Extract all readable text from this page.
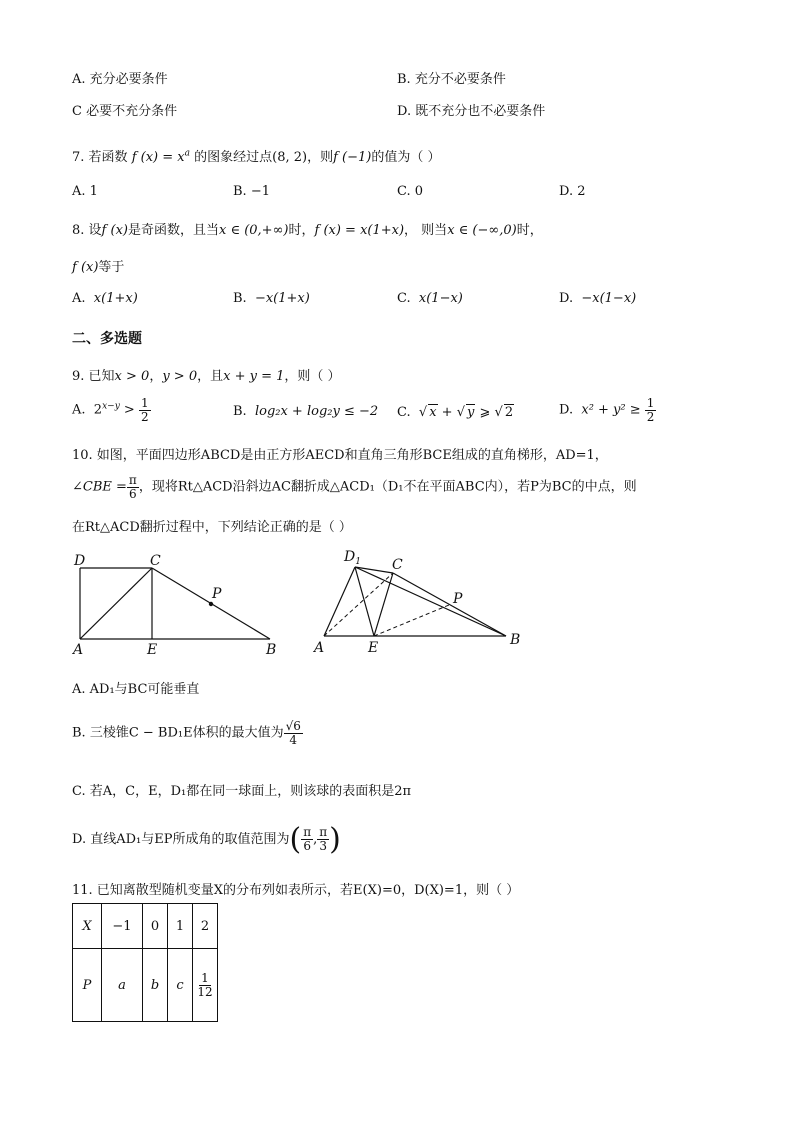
A. 充分必要条件	B. 充分不必要条件
C 必要不充分条件	D. 既不充分也不必要条件
7. 若函数 f $(x) = x^a$ 的图象经过点(8, 2)，则f (−1)的值为（ ）
A. 1	B. −1	C. 0	D. 2
8. 设f (x)是奇函数，且当x ∈ (0,+∞)时，f (x) = x(1+x)， 则当x ∈ (−∞,0)时，
f (x)等于
A. x(1+x)	B. −x(1+x)	C. x(1−x)	D. −x(1−x)
二、多选题
9. 已知x > 0，y > 0，且x + y = 1，则（ ）
A. $2^{x-y} > \frac{1}{2}$	B. log₂x + log₂y ≤ −2 C.  √ x + √ y ⩾ √ 2	D. $x^2 + y^2 \ge \frac{1}{2}$
10. 如图，平面四边形ABCD是由正方形AECD和直角三角形BCE组成的直角梯形，AD=1，
∠CBE = $\frac{\pi}{6}$ ，现将Rt△ACD沿斜边AC翻折成△ACD₁（D₁不在平面ABC内），若P为BC的中点，则
在Rt△ACD翻折过程中，下列结论正确的是（ ）
D	C
P
A	E	B
$D_1$ C
P
A	E	B
A. AD₁与BC可能垂直
B. 三棱锥C − BD₁E体积的最大值为 $\frac{√6}{4}$
C. 若A，C，E，D₁都在同一球面上，则该球的表面积是2π
D. 直线AD₁与EP所成角的取值范围为( $\frac{\pi}{6}$ , $\frac{\pi}{3}$ )
11. 已知离散型随机变量X的分布列如表所示，若E(X)=0，D(X)=1，则（ ）
X	−1	0	1	2
P	a	b	c	$\frac{1}{12}$
